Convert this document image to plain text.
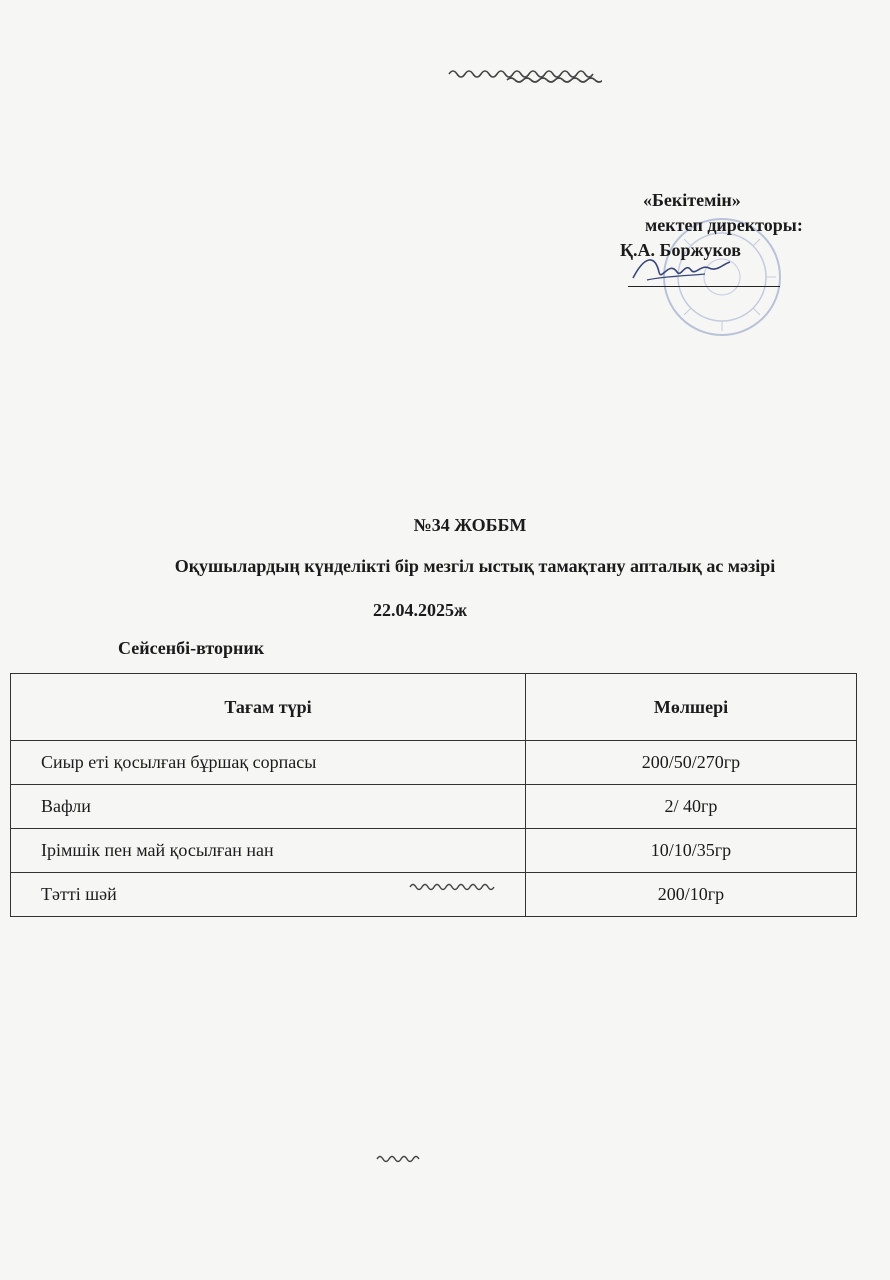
«Бекітемін»
мектеп директоры:
Қ.А. Боржуков
№34 ЖОББМ
Оқушылардың күнделікті бір мезгіл ыстық тамақтану апталық ас мәзірі
22.04.2025ж
Сейсенбі-вторник
Тағам түрі	Мөлшері
Сиыр еті қосылған бұршақ сорпасы	200/50/270гр
Вафли	2/ 40гр
Ірімшік пен май қосылған нан	10/10/35гр
Тәтті шәй	200/10гр
